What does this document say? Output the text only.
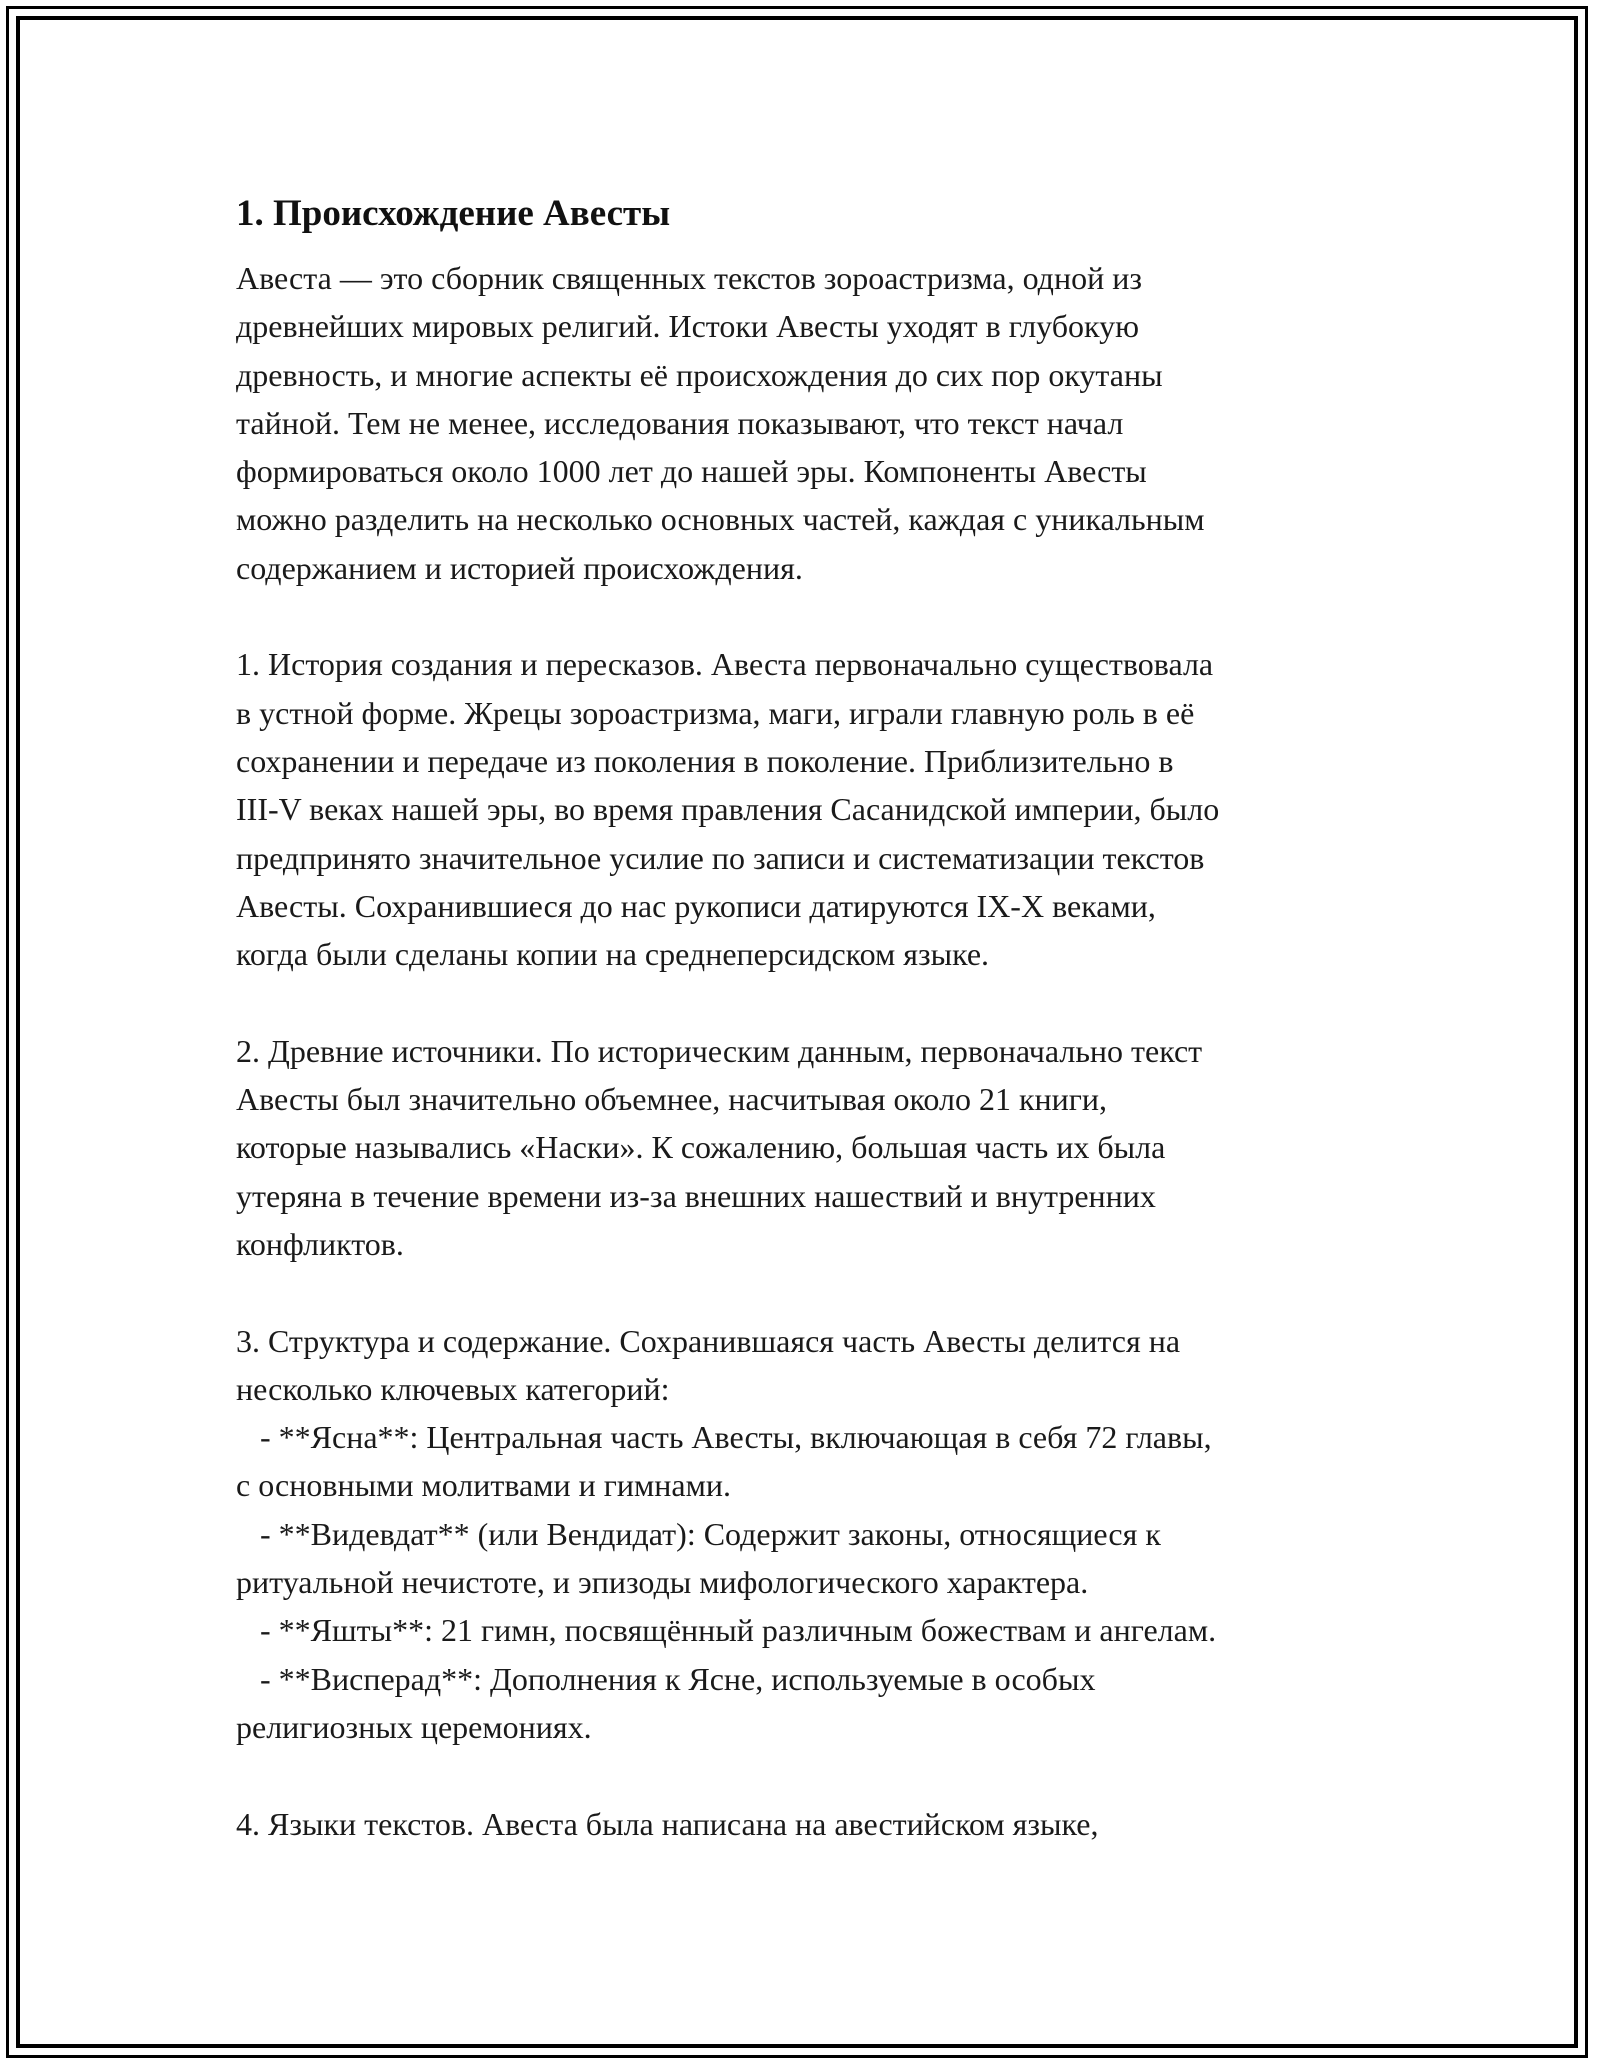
1. Происхождение Авесты
Авеста — это сборник священных текстов зороастризма, одной из
древнейших мировых религий. Истоки Авесты уходят в глубокую
древность, и многие аспекты её происхождения до сих пор окутаны
тайной. Тем не менее, исследования показывают, что текст начал
формироваться около 1000 лет до нашей эры. Компоненты Авесты
можно разделить на несколько основных частей, каждая с уникальным
содержанием и историей происхождения.

1. История создания и пересказов. Авеста первоначально существовала
в устной форме. Жрецы зороастризма, маги, играли главную роль в её
сохранении и передаче из поколения в поколение. Приблизительно в
III-V веках нашей эры, во время правления Сасанидской империи, было
предпринято значительное усилие по записи и систематизации текстов
Авесты. Сохранившиеся до нас рукописи датируются IX-X веками,
когда были сделаны копии на среднеперсидском языке.

2. Древние источники. По историческим данным, первоначально текст
Авесты был значительно объемнее, насчитывая около 21 книги,
которые назывались «Наски». К сожалению, большая часть их была
утеряна в течение времени из-за внешних нашествий и внутренних
конфликтов.

3. Структура и содержание. Сохранившаяся часть Авесты делится на
несколько ключевых категорий:
- **Ясна**: Центральная часть Авесты, включающая в себя 72 главы,
с основными молитвами и гимнами.
- **Видевдат** (или Вендидат): Содержит законы, относящиеся к
ритуальной нечистоте, и эпизоды мифологического характера.
- **Яшты**: 21 гимн, посвящённый различным божествам и ангелам.
- **Висперад**: Дополнения к Ясне, используемые в особых
религиозных церемониях.

4. Языки текстов. Авеста была написана на авестийском языке,
